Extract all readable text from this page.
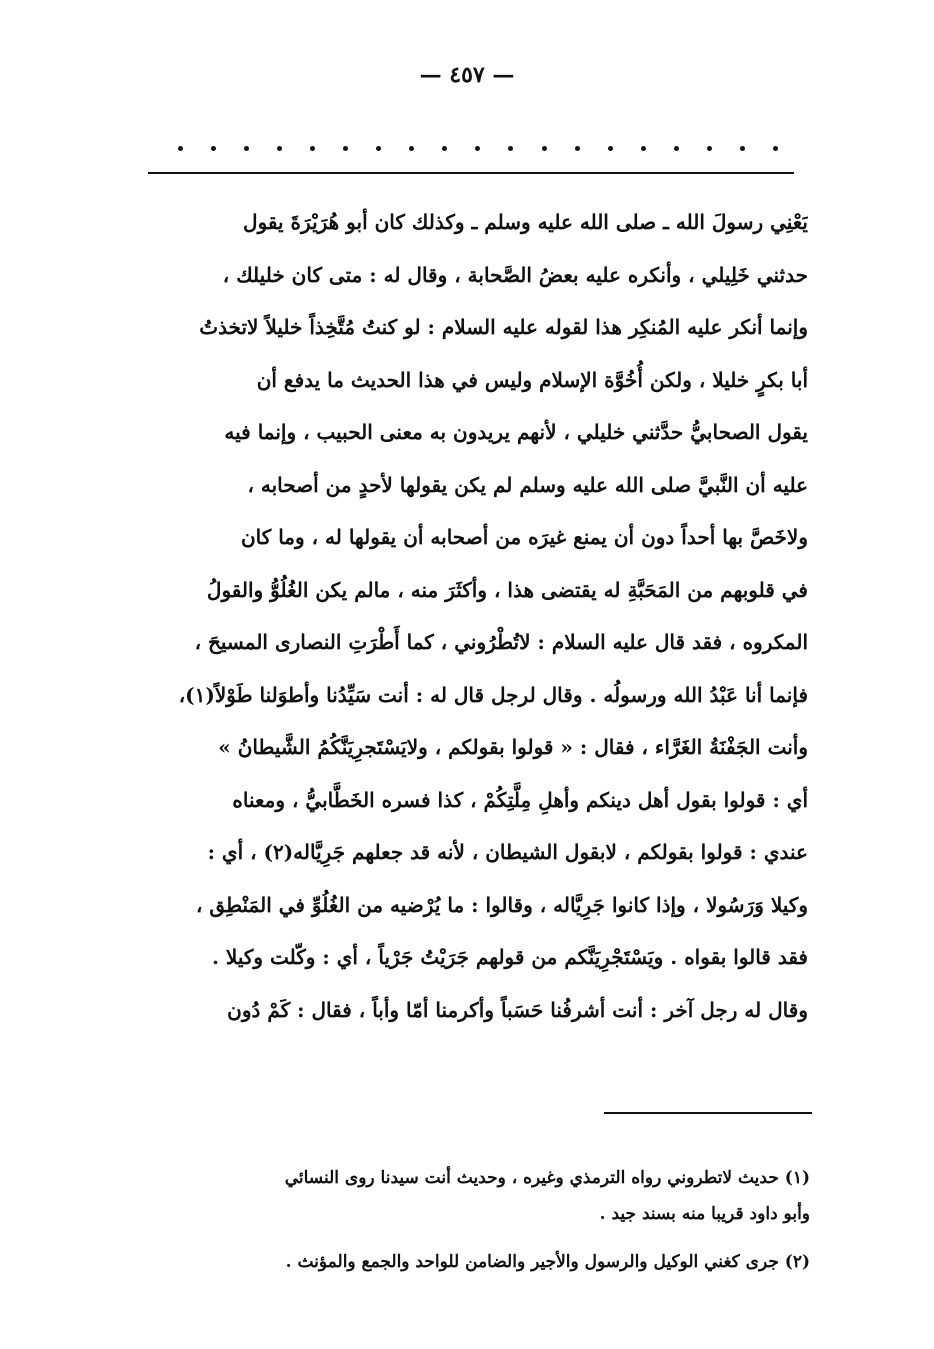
— ٤٥٧ —
يَعْنِي رسولَ الله ـ صلى الله عليه وسلم ـ وكذلك كان أبو هُرَيْرَةَ يقول
حدثني خَلِيلي ، وأنكره عليه بعضُ الصَّحابة ، وقال له : متى كان خليلك ،
وإنما أنكر عليه المُنكِر هذا لقوله عليه السلام : لو كنتُ مُتَّخِذاً خليلاً لاتخذتُ
أبا بكرٍ خليلا ، ولكن أُخُوَّة الإسلام وليس في هذا الحديث ما يدفع أن
يقول الصحابيُّ حدَّثني خليلي ، لأنهم يريدون به معنى الحبيب ، وإنما فيه
عليه أن النَّبيَّ صلى الله عليه وسلم لم يكن يقولها لأحدٍ من أصحابه ،
ولاخَصَّ بها أحداً دون أن يمنع غيرَه من أصحابه أن يقولها له ، وما كان
في قلوبهم من المَحَبَّةِ له يقتضى هذا ، وأكثَرَ منه ، مالم يكن الغُلُوُّ والقولُ
المكروه ، فقد قال عليه السلام : لاتُطْرُوني ، كما أَطْرَتِ النصارى المسيحَ ،
فإنما أنا عَبْدُ الله ورسولُه . وقال لرجل قال له : أنت سَيِّدُنا وأطوَلنا طَوْلاً(١)،
وأنت الجَفْنَةُ الغَرَّاء ، فقال : « قولوا بقولكم ، ولايَسْتَجرِيَنَّكُمُ الشَّيطانُ »
أي : قولوا بقول أهل دينكم وأهلِ مِلَّتِكُمْ ، كذا فسره الخَطَّابيُّ ، ومعناه
عندي : قولوا بقولكم ، لابقول الشيطان ، لأنه قد جعلهم جَرِيَّاله(٢) ، أي :
وكيلا وَرَسُولا ، وإذا كانوا جَرِيَّاله ، وقالوا : ما يُرْضيه من الغُلُوِّ في المَنْطِق ،
فقد قالوا بقواه . ويَسْتَجْرِيَنَّكم من قولهم جَرَيْتُ جَرْياً ، أي : وكّلت وكيلا .
وقال له رجل آخر : أنت أشرفُنا حَسَباً وأكرمنا أمّا وأباً ، فقال : كَمْ دُون
(١) حديث لاتطروني رواه الترمذي وغيره ، وحديث أنت سيدنا روى النسائي
وأبو داود قريبا منه بسند جيد .
(٢) جرى كغني الوكيل والرسول والأجير والضامن للواحد والجمع والمؤنث .
